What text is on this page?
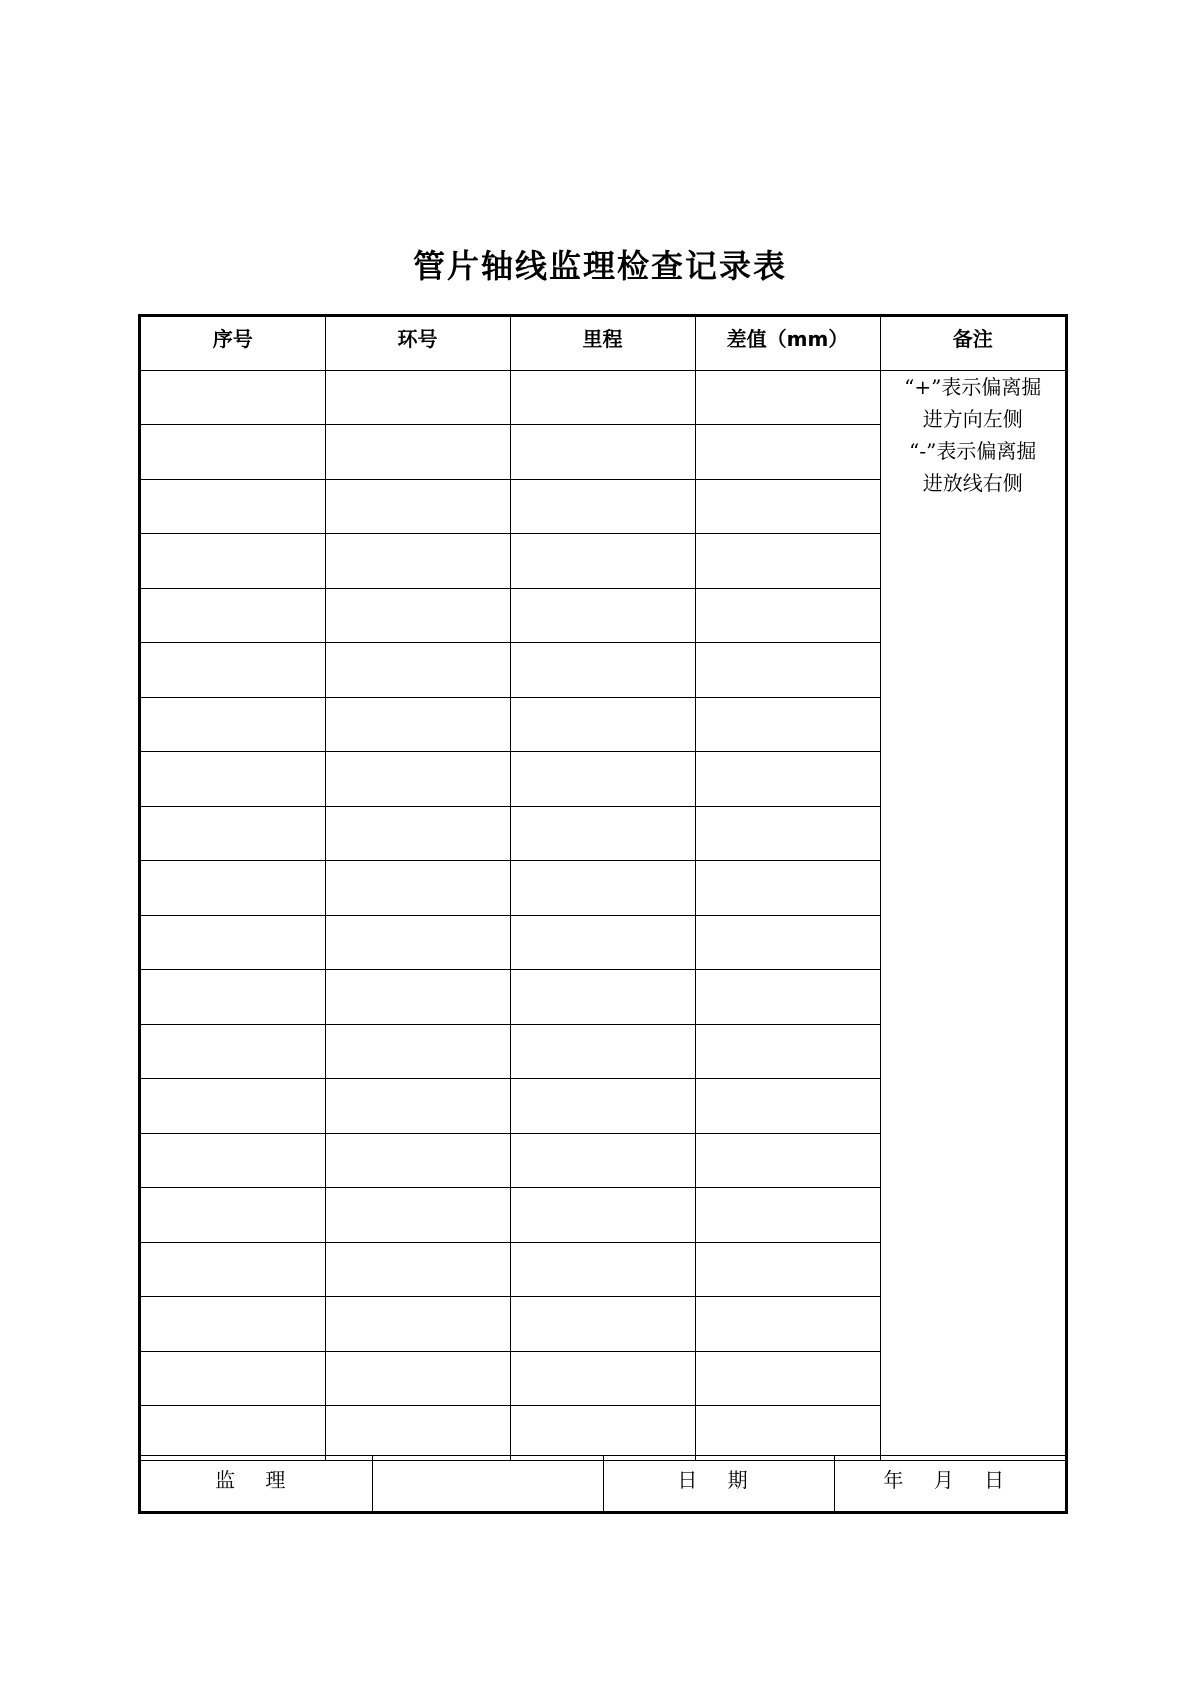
管片轴线监理检查记录表
序号	环号	里程	差值（mm）	备注

				“+”表示偏离掘
进方向左侧
“-”表示偏离掘
进放线右侧

监 理		日 期	年 月 日
